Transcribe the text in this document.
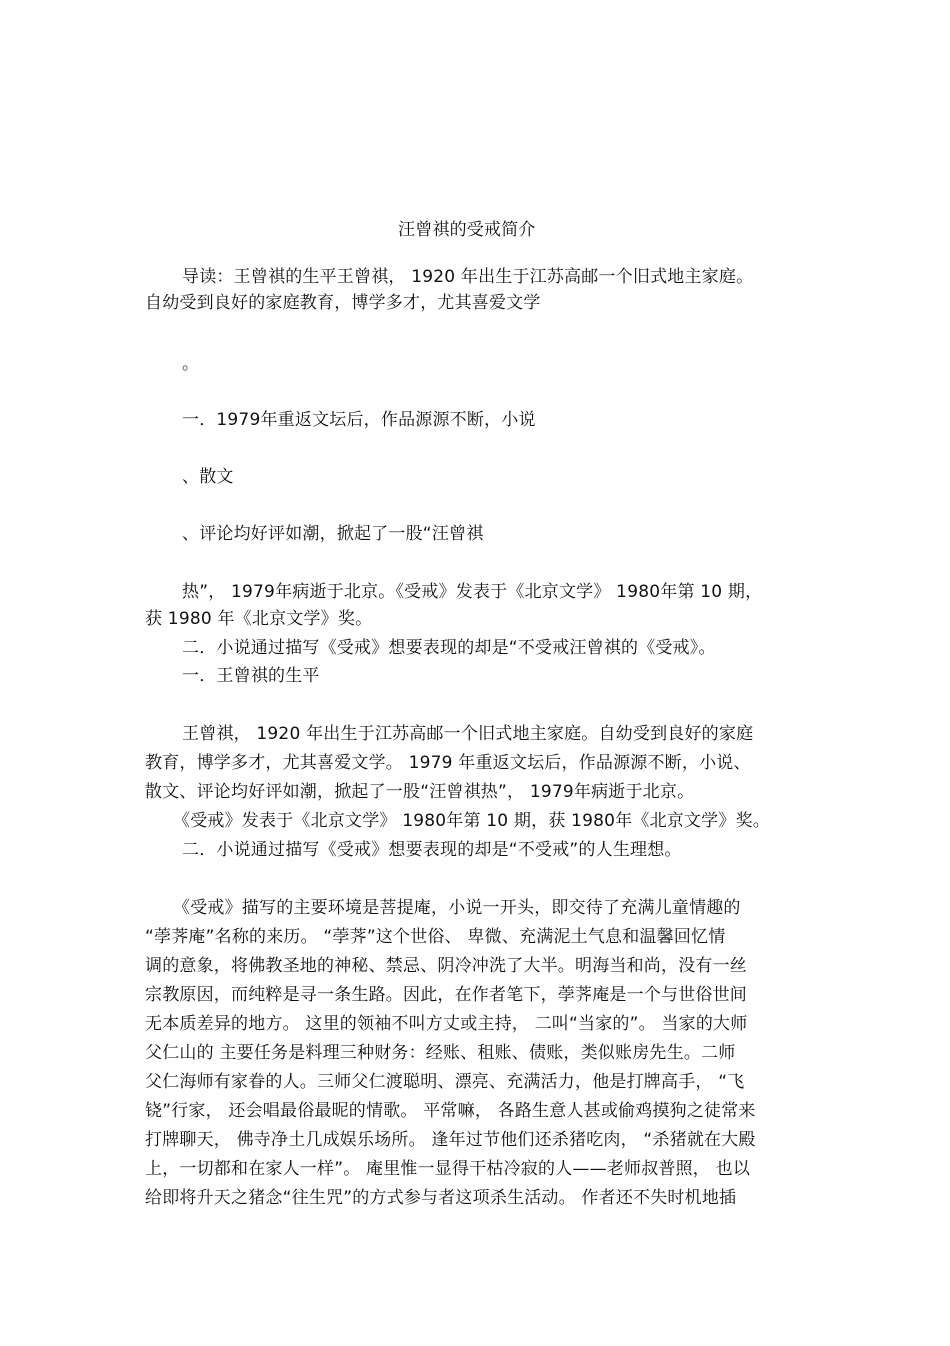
汪曾祺的受戒简介

导读：王曾祺的生平王曾祺， 1920 年出生于江苏高邮一个旧式地主家庭。

自幼受到良好的家庭教育，博学多才，尤其喜爱文学

。

一．1979年重返文坛后，作品源源不断，小说

、散文

、评论均好评如潮，掀起了一股“汪曾祺

热”， 1979年病逝于北京。《受戒》发表于《北京文学》 1980年第 10 期，

获 1980 年《北京文学》奖。

二．小说通过描写《受戒》想要表现的却是“不受戒汪曾祺的《受戒》。

一．王曾祺的生平

王曾祺， 1920 年出生于江苏高邮一个旧式地主家庭。自幼受到良好的家庭

教育，博学多才，尤其喜爱文学。 1979 年重返文坛后，作品源源不断，小说、

散文、评论均好评如潮，掀起了一股“汪曾祺热”， 1979年病逝于北京。

《受戒》发表于《北京文学》 1980年第 10 期，获 1980年《北京文学》奖。

二．小说通过描写《受戒》想要表现的却是“不受戒”的人生理想。

《受戒》描写的主要环境是菩提庵，小说一开头，即交待了充满儿童情趣的

“荸荠庵”名称的来历。 “荸荠”这个世俗、 卑微、充满泥土气息和温馨回忆情

调的意象，将佛教圣地的神秘、禁忌、阴冷冲洗了大半。明海当和尚，没有一丝

宗教原因，而纯粹是寻一条生路。因此，在作者笔下，荸荠庵是一个与世俗世间

无本质差异的地方。 这里的领袖不叫方丈或主持， 二叫“当家的”。 当家的大师

父仁山的 主要任务是料理三种财务：经账、租账、债账，类似账房先生。二师

父仁海师有家眷的人。三师父仁渡聪明、漂亮、充满活力，他是打牌高手， “飞

铙”行家， 还会唱最俗最昵的情歌。 平常嘛， 各路生意人甚或偷鸡摸狗之徒常来

打牌聊天， 佛寺净土几成娱乐场所。 逢年过节他们还杀猪吃肉， “杀猪就在大殿

上，一切都和在家人一样”。 庵里惟一显得干枯冷寂的人——老师叔普照， 也以

给即将升天之猪念“往生咒”的方式参与者这项杀生活动。 作者还不失时机地插
